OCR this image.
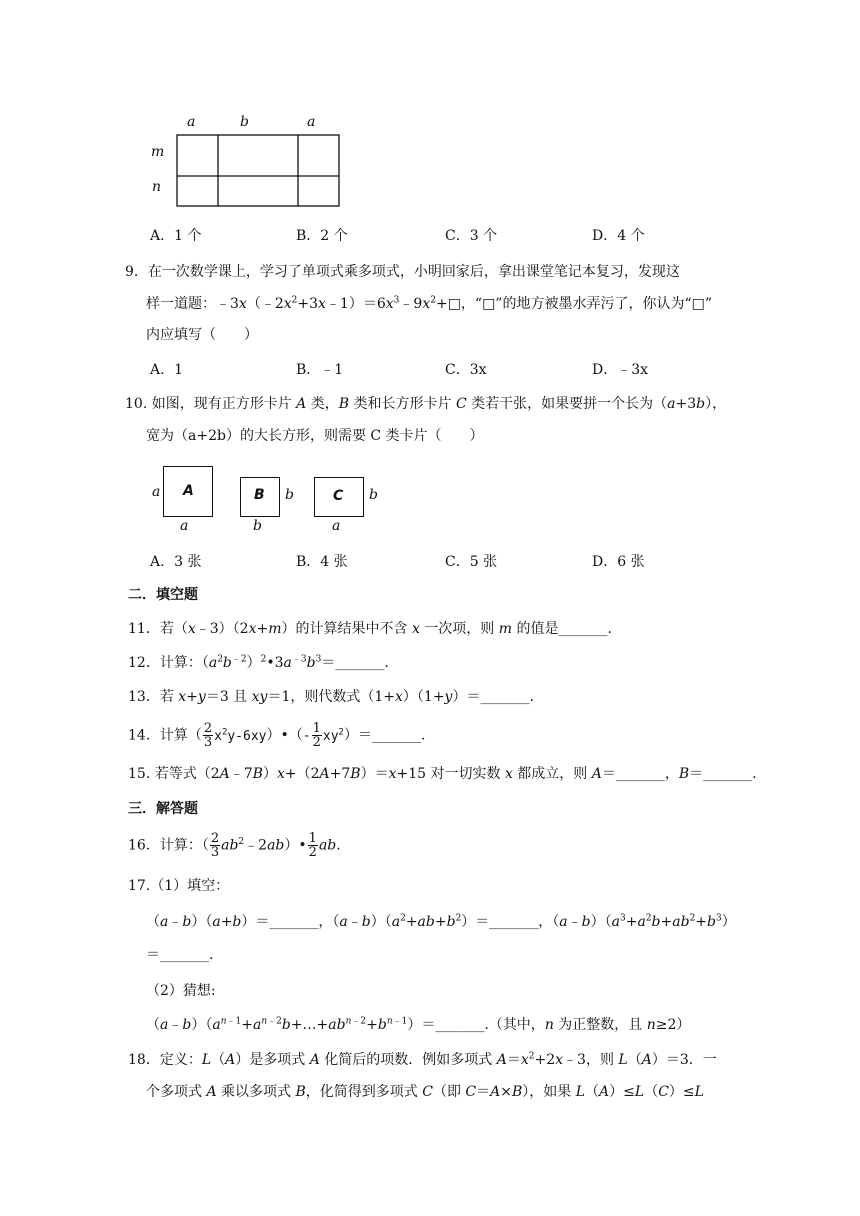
a	b	a
m
n
A．1 个	B．2 个	C．3 个	D．4 个
9．在一次数学课上，学习了单项式乘多项式，小明回家后，拿出课堂笔记本复习，发现这
样一道题：$﹣3x(﹣2x^2+3x﹣1)=6x^3﹣9x^2+□$，“□”的地方被墨水弄污了，你认为“□”
内应填写（　　）
A．1	B．﹣1	C．3x	D．﹣3x
10. 如图，现有正方形卡片 A 类，B 类和长方形卡片 C 类若干张，如果要拼一个长为（a+3b），
宽为（a+2b）的大长方形，则需要 C 类卡片（　　）
A
a
a
B b
b
C b
a
A．3 张	B．4 张	C．5 张	D．6 张
二．填空题
11．若（x﹣3）（2x+m）的计算结果中不含 x 一次项，则 m 的值是_______.
12．计算：$(a^2b^{﹣2})^2•3a^{﹣3}b^3=\_\_\_\_\_\_\_$.
13．若 x+y＝3 且 xy＝1，则代数式（1+x）（1+y）＝_______.
14．计算（ $\frac{2}{3}$ $x^2y-6xy)•(- \frac{1}{2}$ $xy^2)=\_\_\_\_\_\_\_$.
15. 若等式（2A﹣7B）x+（2A+7B）＝x+15 对一切实数 x 都成立，则 A＝_______，B＝_______.
三．解答题
16．计算：（ $\frac{2}{3}$ $ab^2﹣2ab)• \frac{1}{2}$ ab.
17.（1）填空：
（a﹣b）（a+b）＝_______，$(a﹣b)(a^2+ab+b^2)=\_\_\_\_\_\_\_$，$(a﹣b)(a^3+a^2b+ab^2+b^3)$
＝_______.
（2）猜想:
$(a﹣b)(a^{n﹣1}+a^{n﹣2}b+\dots+ab^{n﹣2}+b^{n﹣1})=\_\_\_\_\_\_\_$.（其中，n 为正整数，且 n≥2）
18．定义：L（A）是多项式 A 化简后的项数．例如多项式 $A=x^2+2x﹣3$，则 L（A）＝3．一
个多项式 A 乘以多项式 B，化简得到多项式 C（即 C＝A×B），如果 L（A）≤L（C）≤L
